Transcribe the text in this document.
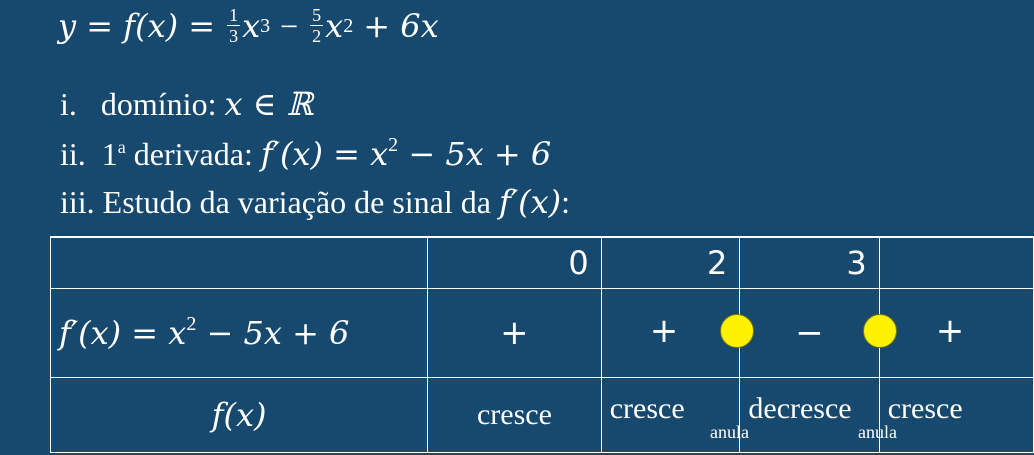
$y = f(x) = \frac{1}{3}$ x $3 - \frac{5}{2}$ x 2 + 6x
i. domínio: x ∈ ℝ
ii. 1$^a$ derivada: $f'(x) = x^2 - 5x + 6$
iii. Estudo da variação de sinal da f′(x):

	0	2	3	

$f'(x) = x^2 - 5x + 6$	+	+	−	+

f(x)	cresce	cresce	decresce	cresce
anula	anula
